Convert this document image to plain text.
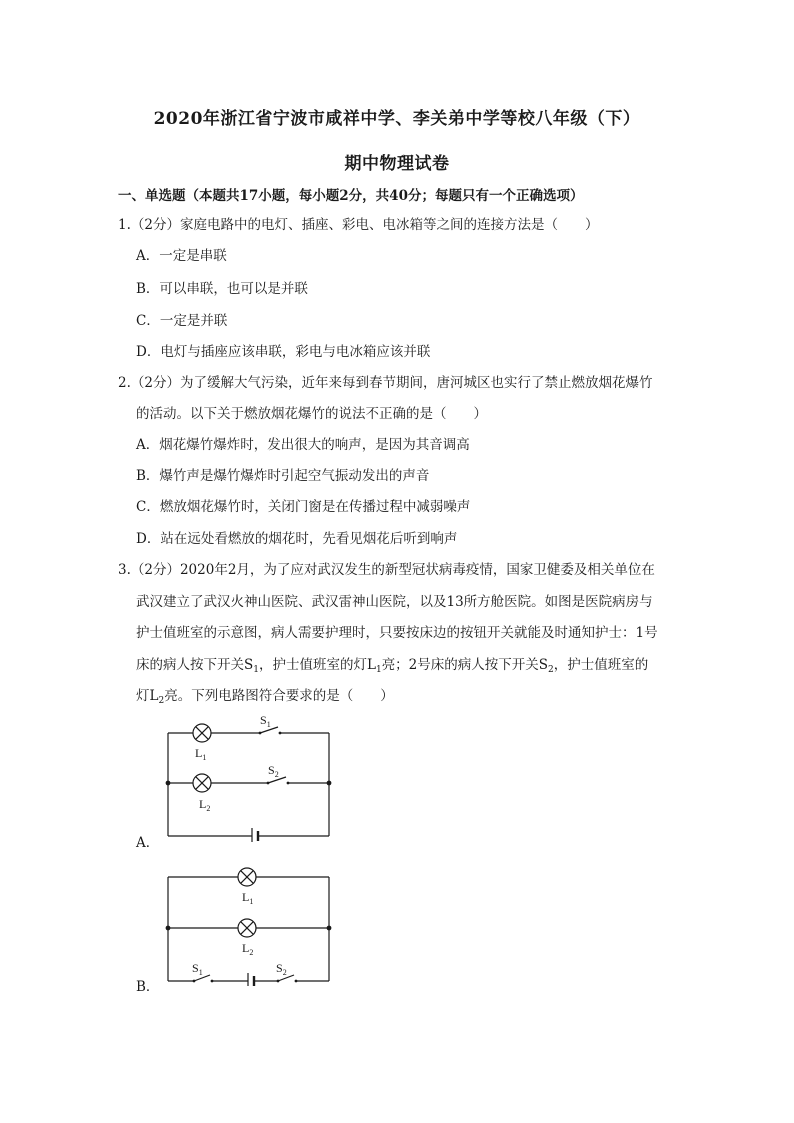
2020年浙江省宁波市咸祥中学、李关弟中学等校八年级（下）
期中物理试卷
一、单选题（本题共17小题，每小题2分，共40分；每题只有一个正确选项）
1.（2分）家庭电路中的电灯、插座、彩电、电冰箱等之间的连接方法是（　　）
A．一定是串联
B．可以串联，也可以是并联
C．一定是并联
D．电灯与插座应该串联，彩电与电冰箱应该并联
2.（2分）为了缓解大气污染，近年来每到春节期间，唐河城区也实行了禁止燃放烟花爆竹
的活动。以下关于燃放烟花爆竹的说法不正确的是（　　）
A．烟花爆竹爆炸时，发出很大的响声，是因为其音调高
B．爆竹声是爆竹爆炸时引起空气振动发出的声音
C．燃放烟花爆竹时，关闭门窗是在传播过程中减弱噪声
D．站在远处看燃放的烟花时，先看见烟花后听到响声
3.（2分）2020年2月，为了应对武汉发生的新型冠状病毒疫情，国家卫健委及相关单位在
武汉建立了武汉火神山医院、武汉雷神山医院，以及13所方舱医院。如图是医院病房与
护士值班室的示意图，病人需要护理时，只要按床边的按钮开关就能及时通知护士：1号
床的病人按下开关$S_1$，护士值班室的灯$L_1$亮；2号床的病人按下开关$S_2$，护士值班室的
灯$L_2$亮。下列电路图符合要求的是（　　）
$S_1$
$L_1$
$S_2$
$L_2$
A．
$L_1$
$L_2$
$S_1$	$S_2$
B．
